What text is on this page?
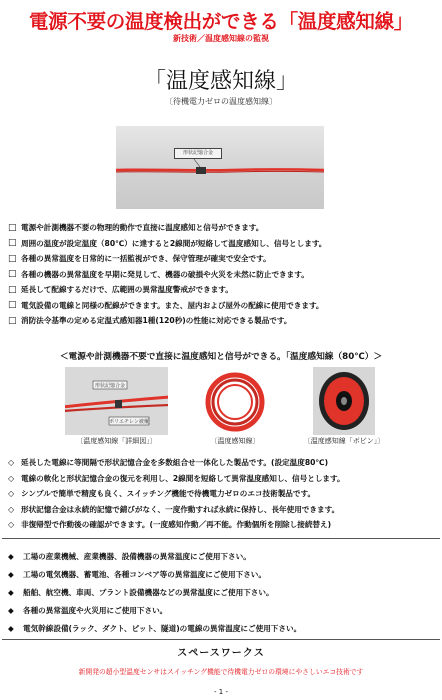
電源不要の温度検出ができる「温度感知線」
新技術／温度感知線の監視
「温度感知線」
〔待機電力ゼロの温度感知線〕
形状記憶合金
□ 電源や計測機器不要の物理的動作で直接に温度感知と信号ができます。
□ 周囲の温度が設定温度（80℃）に達すると2線間が短絡して温度感知し、信号とします。
□ 各種の異常温度を日常的に一括監視ができ、保守管理が確実で安全です。
□ 各種の機器の異常温度を早期に発見して、機器の破損や火災を未然に防止できます。
□ 延長して配線するだけで、広範囲の異常温度警戒ができます。
□ 電気設備の電線と同様の配線ができます。また、屋内および屋外の配線に使用できます。
□ 消防法令基準の定める定温式感知器1種(120秒)の性能に対応できる製品です。
＜電源や計測機器不要で直接に温度感知と信号ができる。「温度感知線（80℃）＞
形状記憶合金
ポリエチレン被覆
〔温度感知線「詳細図」〕	〔温度感知線〕	〔温度感知線「ボビン」〕
◇ 延長した電線に等間隔で形状記憶合金を多数組合せ一体化した製品です。(設定温度80℃)
◇ 電線の軟化と形状記憶合金の復元を利用し、2線間を短絡して異常温度感知し、信号とします。
◇ シンプルで簡単で精度も良く、スイッチング機能で待機電力ゼロのエコ技術製品です。
◇ 形状記憶合金は永続的記憶で錆びがなく、一度作動すれば永続に保持し、長年使用できます。
◇ 非復帰型で作動後の確認ができます。(一度感知作動／再不能。作動個所を削除し接続替え)
◆	工場の産業機械、産業機器、設備機器の異常温度にご使用下さい。
◆	工場の電気機器、蓄電池、各種コンベア等の異常温度にご使用下さい。
◆	船舶、航空機、車両、プラント設備機器などの異常温度にご使用下さい。
◆	各種の異常温度や火災用にご使用下さい。
◆	電気幹線設備(ラック、ダクト、ピット、隧道)の電線の異常温度にご使用下さい。
スペースワークス
新開発の超小型温度センサはスイッチング機能で待機電力ゼロの環境にやさしいエコ技術です
- 1 -
